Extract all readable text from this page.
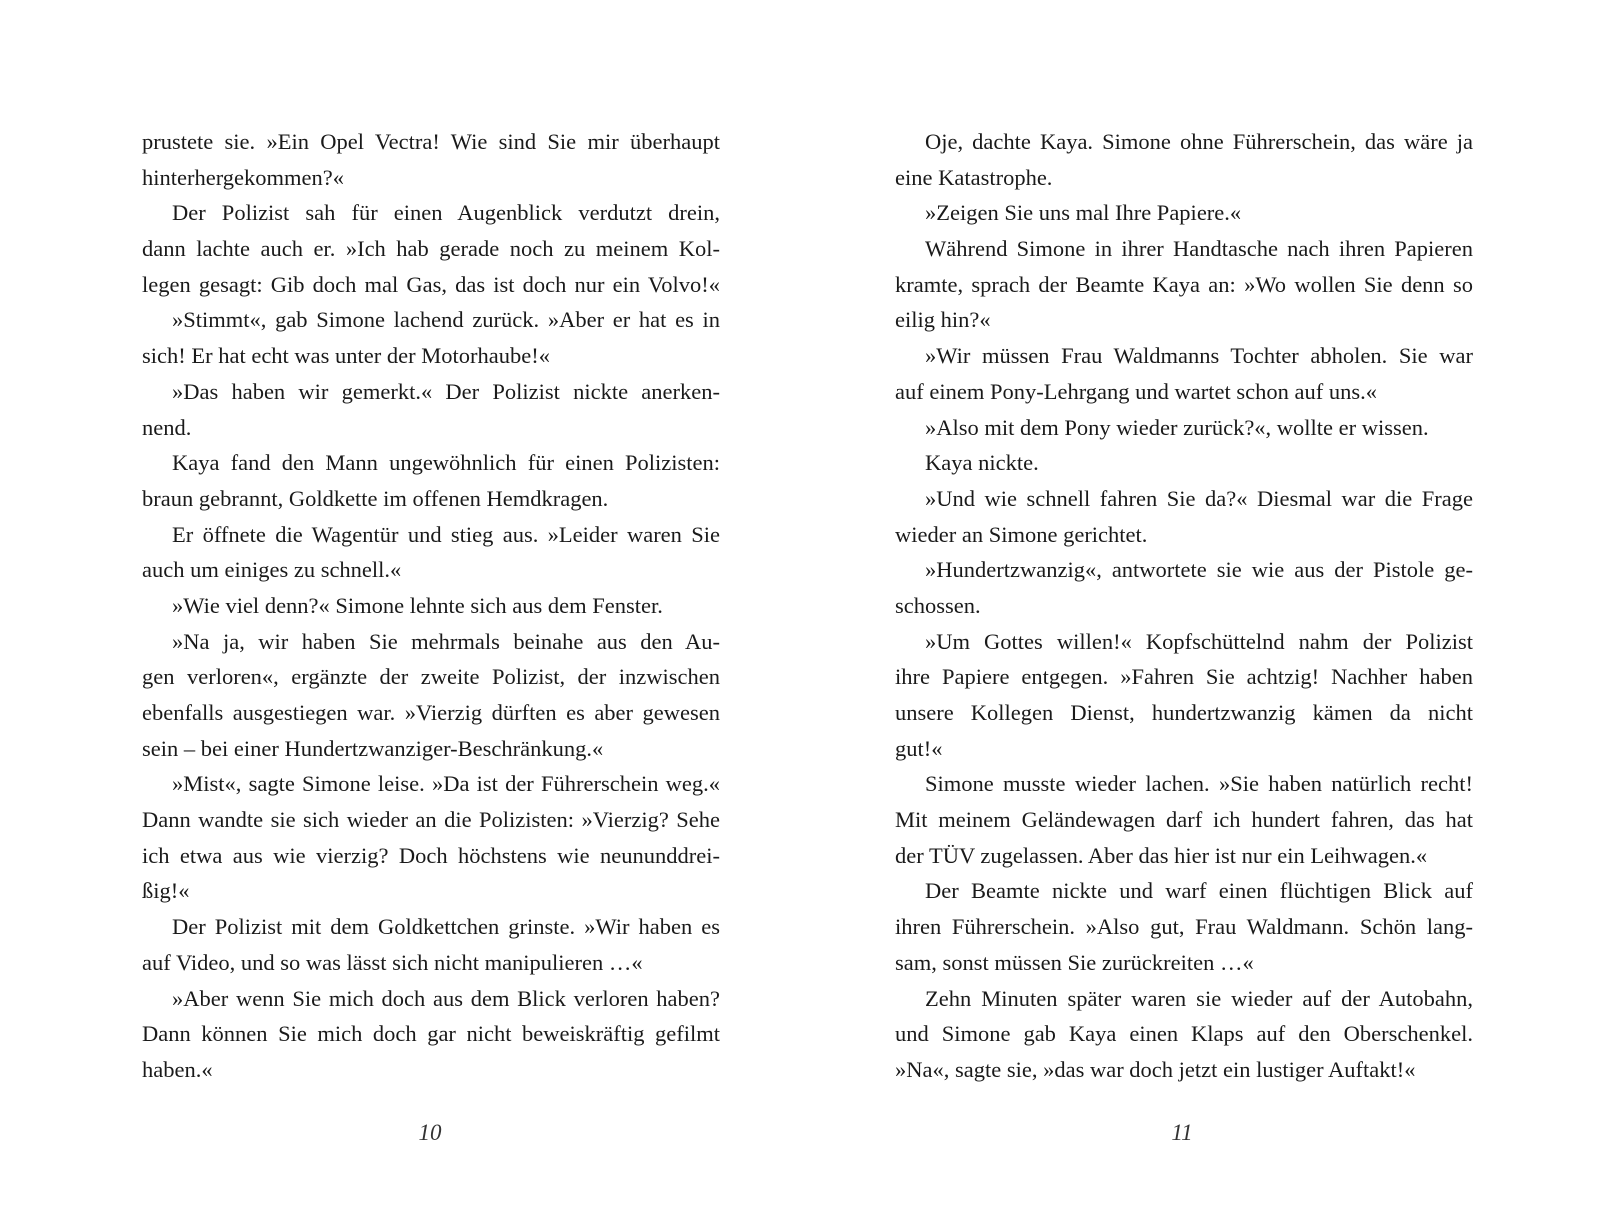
prustete sie. »Ein Opel Vectra! Wie sind Sie mir überhaupt
hinterhergekommen?«
Der Polizist sah für einen Augenblick verdutzt drein,
dann lachte auch er. »Ich hab gerade noch zu meinem Kol-
legen gesagt: Gib doch mal Gas, das ist doch nur ein Volvo!«
»Stimmt«, gab Simone lachend zurück. »Aber er hat es in
sich! Er hat echt was unter der Motorhaube!«
»Das haben wir gemerkt.« Der Polizist nickte anerken-
nend.
Kaya fand den Mann ungewöhnlich für einen Polizisten:
braun gebrannt, Goldkette im offenen Hemdkragen.
Er öffnete die Wagentür und stieg aus. »Leider waren Sie
auch um einiges zu schnell.«
»Wie viel denn?« Simone lehnte sich aus dem Fenster.
»Na ja, wir haben Sie mehrmals beinahe aus den Au-
gen verloren«, ergänzte der zweite Polizist, der inzwischen
ebenfalls ausgestiegen war. »Vierzig dürften es aber gewesen
sein – bei einer Hundertzwanziger-Beschränkung.«
»Mist«, sagte Simone leise. »Da ist der Führerschein weg.«
Dann wandte sie sich wieder an die Polizisten: »Vierzig? Sehe
ich etwa aus wie vierzig? Doch höchstens wie neununddrei-
ßig!«
Der Polizist mit dem Goldkettchen grinste. »Wir haben es
auf Video, und so was lässt sich nicht manipulieren …«
»Aber wenn Sie mich doch aus dem Blick verloren haben?
Dann können Sie mich doch gar nicht beweiskräftig gefilmt
haben.«
Oje, dachte Kaya. Simone ohne Führerschein, das wäre ja
eine Katastrophe.
»Zeigen Sie uns mal Ihre Papiere.«
Während Simone in ihrer Handtasche nach ihren Papieren
kramte, sprach der Beamte Kaya an: »Wo wollen Sie denn so
eilig hin?«
»Wir müssen Frau Waldmanns Tochter abholen. Sie war
auf einem Pony-Lehrgang und wartet schon auf uns.«
»Also mit dem Pony wieder zurück?«, wollte er wissen.
Kaya nickte.
»Und wie schnell fahren Sie da?« Diesmal war die Frage
wieder an Simone gerichtet.
»Hundertzwanzig«, antwortete sie wie aus der Pistole ge-
schossen.
»Um Gottes willen!« Kopfschüttelnd nahm der Polizist
ihre Papiere entgegen. »Fahren Sie achtzig! Nachher haben
unsere Kollegen Dienst, hundertzwanzig kämen da nicht
gut!«
Simone musste wieder lachen. »Sie haben natürlich recht!
Mit meinem Geländewagen darf ich hundert fahren, das hat
der TÜV zugelassen. Aber das hier ist nur ein Leihwagen.«
Der Beamte nickte und warf einen flüchtigen Blick auf
ihren Führerschein. »Also gut, Frau Waldmann. Schön lang-
sam, sonst müssen Sie zurückreiten …«
Zehn Minuten später waren sie wieder auf der Autobahn,
und Simone gab Kaya einen Klaps auf den Oberschenkel.
»Na«, sagte sie, »das war doch jetzt ein lustiger Auftakt!«
10	11
